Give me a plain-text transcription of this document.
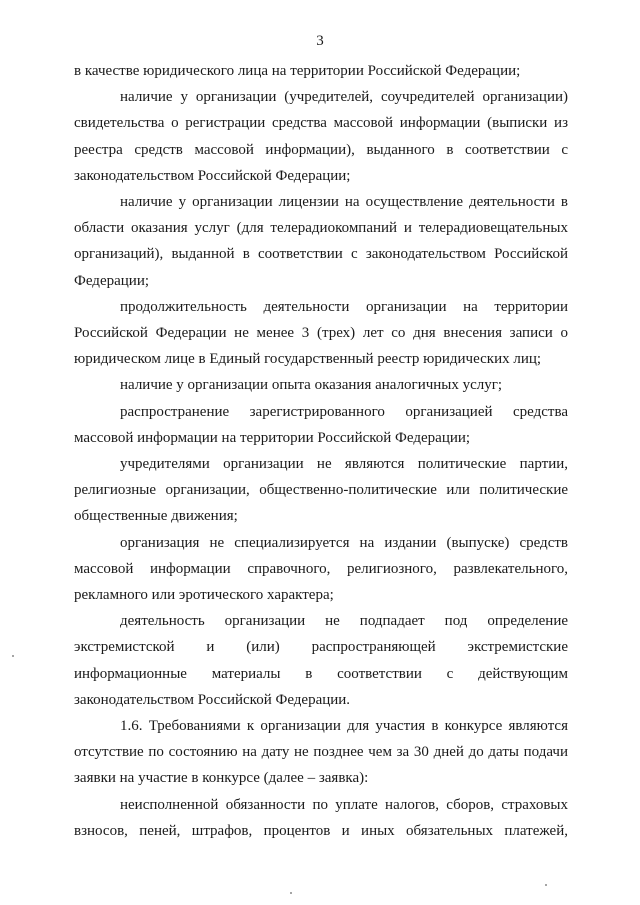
3

в качестве юридического лица на территории Российской Федерации;

наличие у организации (учредителей, соучредителей организации) свидетельства о регистрации средства массовой информации (выписки из реестра средств массовой информации), выданного в соответствии с законодательством Российской Федерации;

наличие у организации лицензии на осуществление деятельности в области оказания услуг (для телерадиокомпаний и телерадиовещательных организаций), выданной в соответствии с законодательством Российской Федерации;

продолжительность деятельности организации на территории Российской Федерации не менее 3 (трех) лет со дня внесения записи о юридическом лице в Единый государственный реестр юридических лиц;

наличие у организации опыта оказания аналогичных услуг;

распространение зарегистрированного организацией средства массовой информации на территории Российской Федерации;

учредителями организации не являются политические партии, религиозные организации, общественно-политические или политические общественные движения;

организация не специализируется на издании (выпуске) средств массовой информации справочного, религиозного, развлекательного, рекламного или эротического характера;

деятельность организации не подпадает под определение экстремистской и (или) распространяющей экстремистские информационные материалы в соответствии с действующим законодательством Российской Федерации.

1.6. Требованиями к организации для участия в конкурсе являются отсутствие по состоянию на дату не позднее чем за 30 дней до даты подачи заявки на участие в конкурсе (далее – заявка):

неисполненной обязанности по уплате налогов, сборов, страховых взносов, пеней, штрафов, процентов и иных обязательных платежей,
